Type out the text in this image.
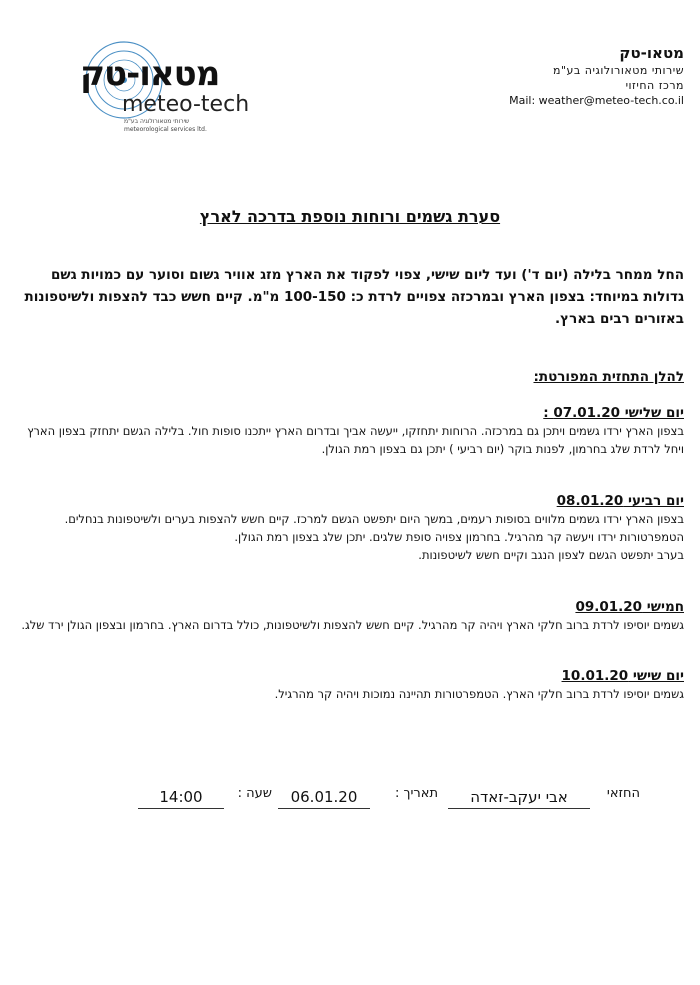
מטאו-טק
meteo-tech
שירותי מטאורולוגיה בע"מ
meteorological services ltd.
מטאו-טק
שירותי מטאורולוגיה בע"מ
מרכז החיזוי
Mail: weather@meteo-tech.co.il
סערת גשמים ורוחות נוספת בדרכה לארץ
החל ממחר בלילה (יום ד') ועד ליום שישי, צפוי לפקוד את הארץ מזג אוויר גשום וסוער עם כמויות גשם גדולות במיוחד: בצפון הארץ ובמרכזה צפויים לרדת כ: 100-150 מ"מ. קיים חשש כבד להצפות ולשיטפונות באזורים רבים בארץ.
להלן התחזית המפורטת:
יום שלישי 07.01.20 :
בצפון הארץ ירדו גשמים ויתכן גם במרכזה. הרוחות יתחזקו, ייעשה אביך ובדרום הארץ ייתכנו סופות חול. בלילה הגשם יתחזק בצפון הארץ ויחל לרדת שלג בחרמון, לפנות בוקר (יום רביעי ) יתכן גם בצפון רמת הגולן.
יום רביעי 08.01.20
בצפון הארץ ירדו גשמים מלווים בסופות רעמים, במשך היום יתפשט הגשם למרכז. קיים חשש להצפות בערים ולשיטפונות בנחלים. הטמפרטורות ירדו ויעשה קר מהרגיל. בחרמון צפויה סופת שלגים. יתכן שלג בצפון רמת הגולן.
בערב יתפשט הגשם לצפון הנגב וקיים חשש לשיטפונות.
חמישי 09.01.20
גשמים יוסיפו לרדת ברוב חלקי הארץ ויהיה קר מהרגיל. קיים חשש להצפות ולשיטפונות, כולל בדרום הארץ. בחרמון ובצפון הגולן ירד שלג.
יום שישי 10.01.20
גשמים יוסיפו לרדת ברוב חלקי הארץ. הטמפרטורות תהיינה נמוכות ויהיה קר מהרגיל.
החזאי
אבי יעקב-זאדה
תאריך :
06.01.20
שעה :
14:00
